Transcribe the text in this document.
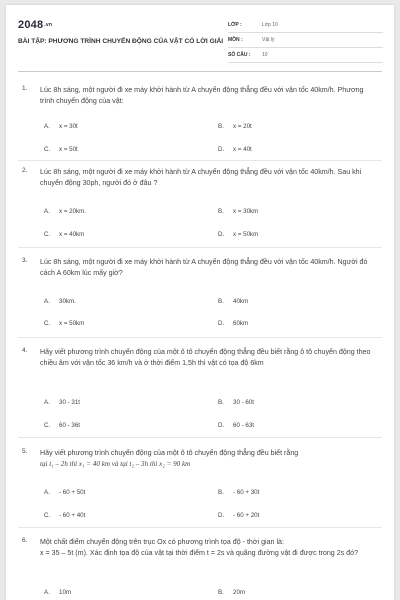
2048.vn
BÀI TẬP: PHƯƠNG TRÌNH CHUYỂN ĐỘNG CỦA VẬT CÓ LỜI GIẢI
LỚP :	Lớp 10
MÔN :	Vật lý
SỐ CÂU :	10
1. Lúc 8h sáng, một người đi xe máy khởi hành từ A chuyển động thẳng đều với vận tốc 40km/h. Phương trình chuyển động của vật:
A. x = 30t	B. x = 20t
C. x = 50t	D. x = 40t
2. Lúc 8h sáng, một người đi xe máy khởi hành từ A chuyển động thẳng đều với vận tốc 40km/h. Sau khi chuyển động 30ph, người đó ở đâu ?
A. x = 20km.	B. x = 30km
C. x = 40km	D. x = 50km
3. Lúc 8h sáng, một người đi xe máy khởi hành từ A chuyển động thẳng đều với vận tốc 40km/h. Người đó cách A 60km lúc mấy giờ?
A. 30km.	B. 40km
C. x = 50km	D. 60km
4. Hãy viết phương trình chuyển động của một ô tô chuyển động thẳng đều biết rằng ô tô chuyển động theo chiều âm với vận tốc 36 km/h và ở thời điểm 1,5h thì vật có tọa độ 6km
A. 30 - 31t	B. 30 - 60t
C. 60 - 36t	D. 60 - 63t
5. Hãy viết phương trình chuyển động của một ô tô chuyển động thẳng đều biết rằng
tại t₁ – 2h thì x₁ = 40 km và tại t₂ – 3h thì x₂ = 90 km
A. - 60 + 50t	B. - 60 + 30t
C. - 60 + 40t	D. - 60 + 20t
6. Một chất điểm chuyển động trên trục Ox có phương trình tọa độ - thời gian là:
x = 35 – 5t (m). Xác định tọa độ của vật tại thời điểm t = 2s và quãng đường vật đi được trong 2s đó?
A. 10m	B. 20m
